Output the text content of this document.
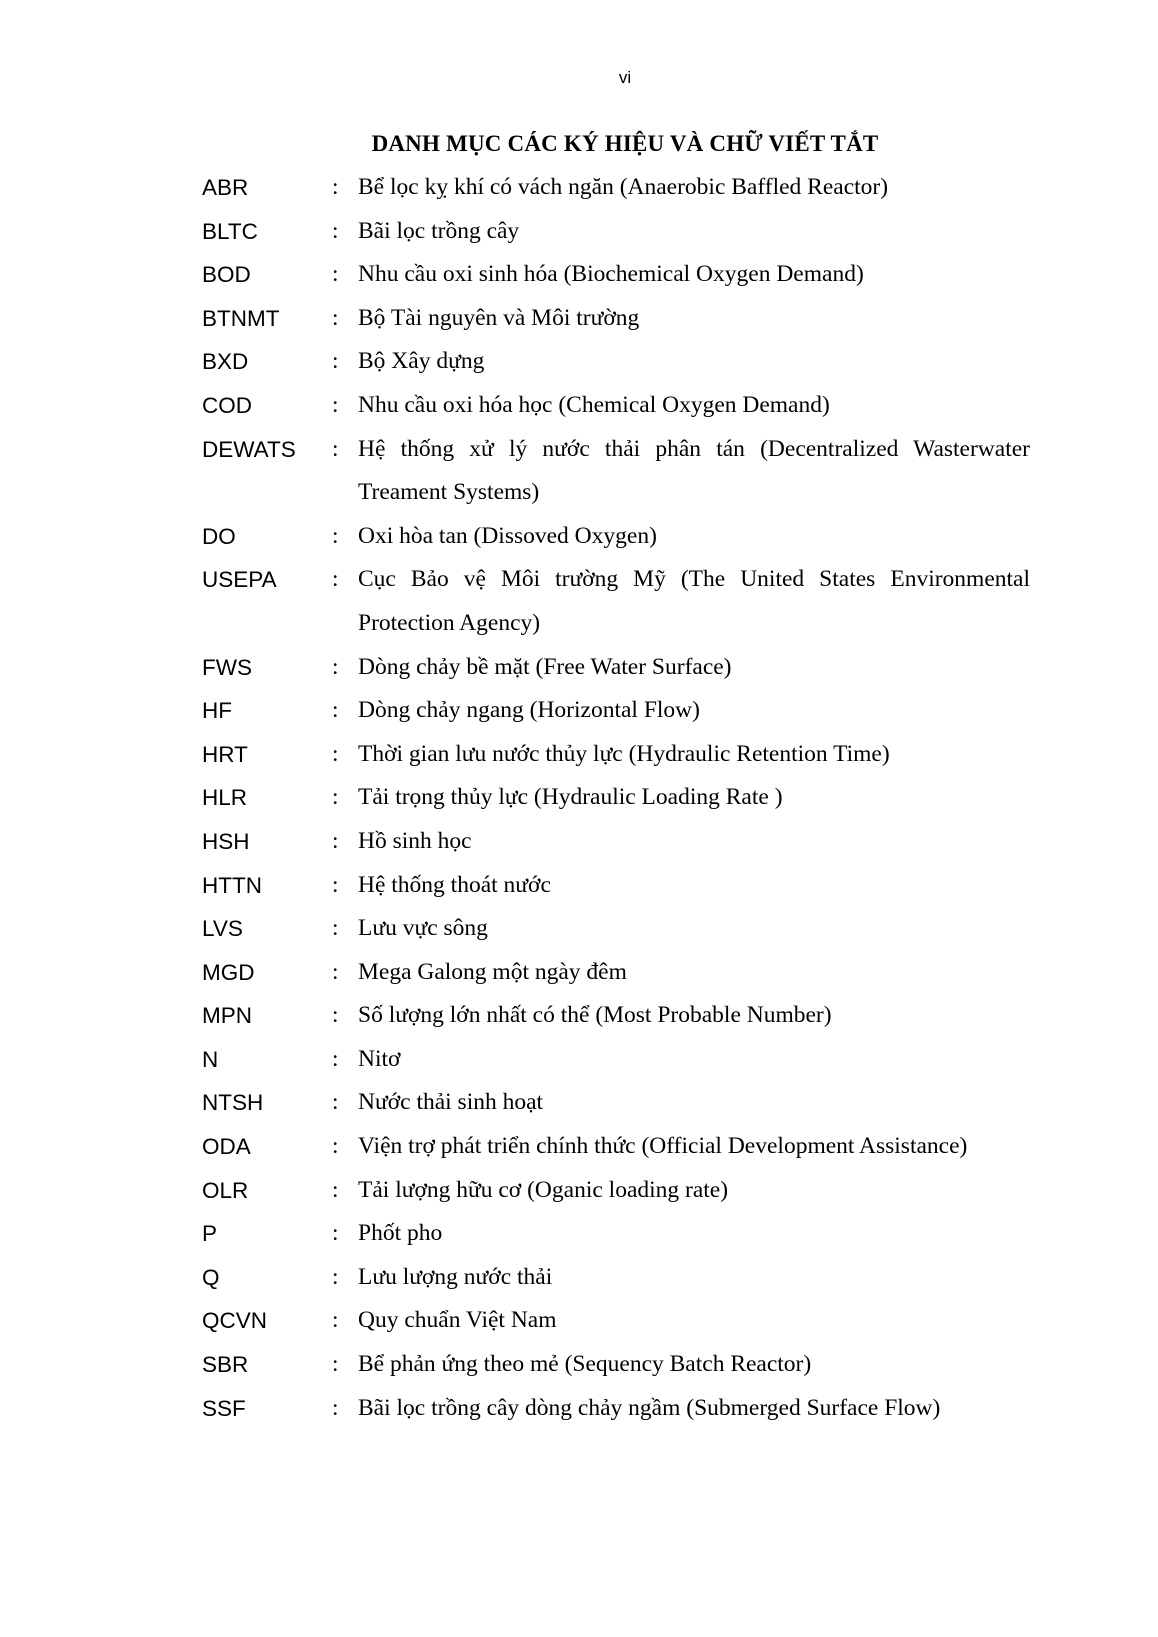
vi
DANH MỤC CÁC KÝ HIỆU VÀ CHỮ VIẾT TẮT
ABR	: Bể lọc kỵ khí có vách ngăn (Anaerobic Baffled Reactor)
BLTC	: Bãi lọc trồng cây
BOD	: Nhu cầu oxi sinh hóa (Biochemical Oxygen Demand)
BTNMT	: Bộ Tài nguyên và Môi trường
BXD	: Bộ Xây dựng
COD	: Nhu cầu oxi hóa học (Chemical Oxygen Demand)
DEWATS	: Hệ thống xử lý nước thải phân tán (Decentralized Wasterwater Treament Systems)
DO	: Oxi hòa tan (Dissoved Oxygen)
USEPA	: Cục Bảo vệ Môi trường Mỹ (The United States Environmental Protection Agency)
FWS	: Dòng chảy bề mặt (Free Water Surface)
HF	: Dòng chảy ngang (Horizontal Flow)
HRT	: Thời gian lưu nước thủy lực (Hydraulic Retention Time)
HLR	: Tải trọng thủy lực (Hydraulic Loading Rate )
HSH	: Hồ sinh học
HTTN	: Hệ thống thoát nước
LVS	: Lưu vực sông
MGD	: Mega Galong một ngày đêm
MPN	: Số lượng lớn nhất có thể (Most Probable Number)
N	: Nitơ
NTSH	: Nước thải sinh hoạt
ODA	: Viện trợ phát triển chính thức (Official Development Assistance)
OLR	: Tải lượng hữu cơ (Oganic loading rate)
P	: Phốt pho
Q	: Lưu lượng nước thải
QCVN	: Quy chuẩn Việt Nam
SBR	: Bể phản ứng theo mẻ (Sequency Batch Reactor)
SSF	: Bãi lọc trồng cây dòng chảy ngầm (Submerged Surface Flow)
